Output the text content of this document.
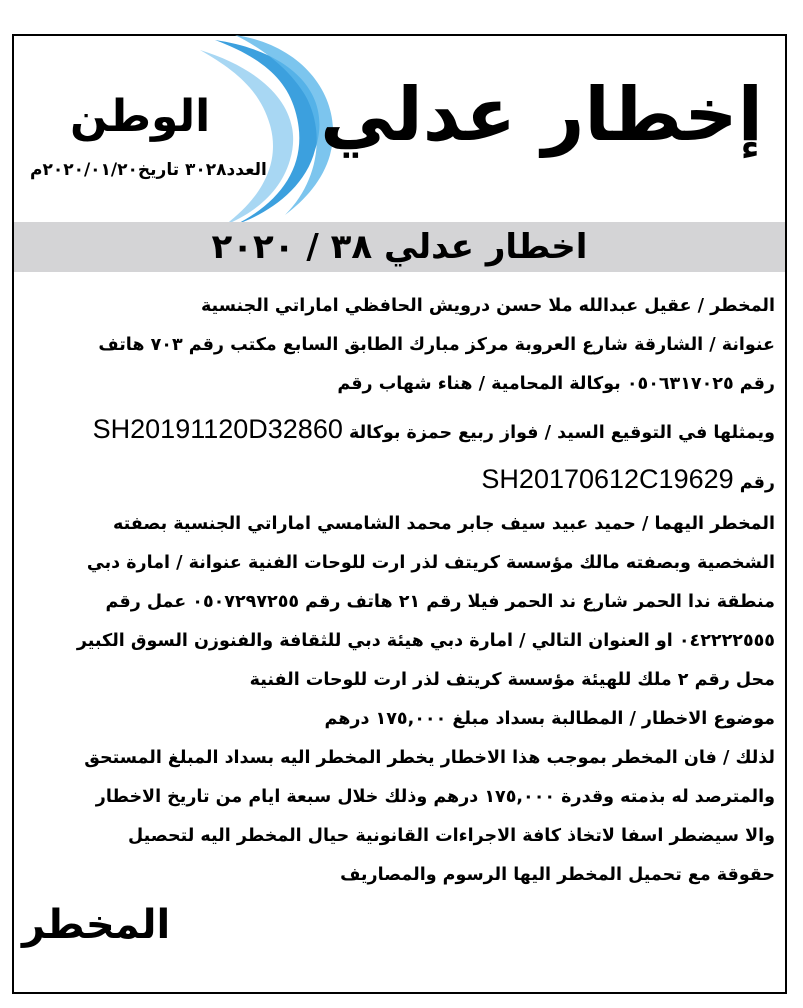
إخطار عدلي
الوطن
العدد٣٠٢٨ تاريخ٢٠٢٠/٠١/٢٠م
اخطار عدلي ٣٨ / ٢٠٢٠
المخطر / عقيل عبدالله ملا حسن درويش الحافظي اماراتي الجنسية
عنوانة / الشارقة شارع العروبة مركز مبارك الطابق السابع مكتب رقم ٧٠٣ هاتف
رقم ٠٥٠٦٣١٧٠٢٥ بوكالة المحامية / هناء شهاب رقم
ويمثلها في التوقيع السيد / فواز ربيع حمزة بوكالة SH20191120D32860
رقم SH20170612C19629
المخطر اليهما / حميد عبيد سيف جابر محمد الشامسي اماراتي الجنسية بصفته
الشخصية وبصفته مالك مؤسسة كريتف لذر ارت للوحات الفنية عنوانة / امارة دبي
منطقة ندا الحمر شارع ند الحمر فيلا رقم ٢١ هاتف رقم ٠٥٠٧٢٩٧٢٥٥ عمل رقم
٠٤٢٢٢٢٥٥٥ او العنوان التالي / امارة دبي هيئة دبي للثقافة والفنوزن السوق الكبير
محل رقم ٢ ملك للهيئة مؤسسة كريتف لذر ارت للوحات الفنية
موضوع الاخطار / المطالبة بسداد مبلغ ١٧٥,٠٠٠ درهم
لذلك / فان المخطر بموجب هذا الاخطار يخطر المخطر اليه بسداد المبلغ المستحق
والمترصد له بذمته وقدرة ١٧٥,٠٠٠ درهم وذلك خلال سبعة ايام من تاريخ الاخطار
والا سيضطر اسفا لاتخاذ كافة الاجراءات القانونية حيال المخطر اليه لتحصيل
حقوقة مع تحميل المخطر اليها الرسوم والمصاريف
المخطر
